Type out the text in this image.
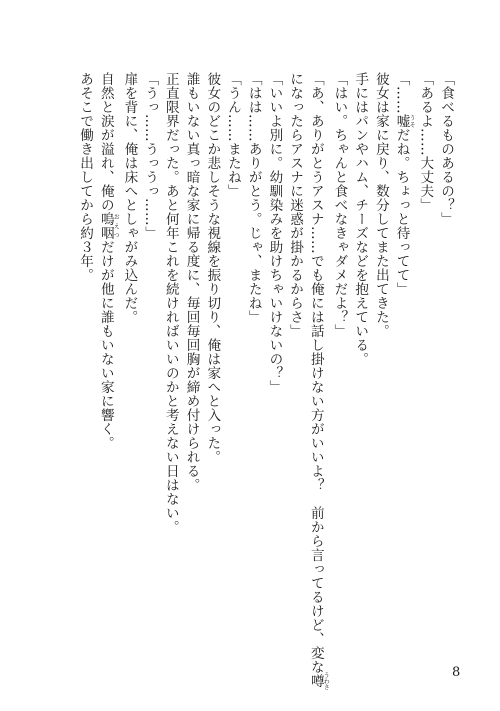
「食べるものあるの？」
「あるよ……大丈夫」
「……嘘うそだね。ちょっと待ってて」
彼女は家に戻り、数分してまた出てきた。
手にはパンやハム、チーズなどを抱えている。
「はい。ちゃんと食べなきゃダメだよ？」
「あ、ありがとうアスナ……でも俺には話し掛けない方がいいよ？　前から言ってるけど、変な噂うわさ
になったらアスナに迷惑が掛かるからさ」
「いいよ別に。幼馴染みを助けちゃいけないの？」
「はは……ありがとう。じゃ、またね」
「うん……またね」
彼女のどこか悲しそうな視線を振り切り、俺は家へと入った。
誰もいない真っ暗な家に帰る度に、毎回毎回胸が締め付けられる。
正直限界だった。あと何年これを続ければいいのかと考えない日はない。
「うっ……うっうっ……」
扉を背に、俺は床へとしゃがみ込んだ。
自然と涙が溢れ、俺の嗚咽おえつだけが他に誰もいない家に響く。
あそこで働き出してから約３年。
8
